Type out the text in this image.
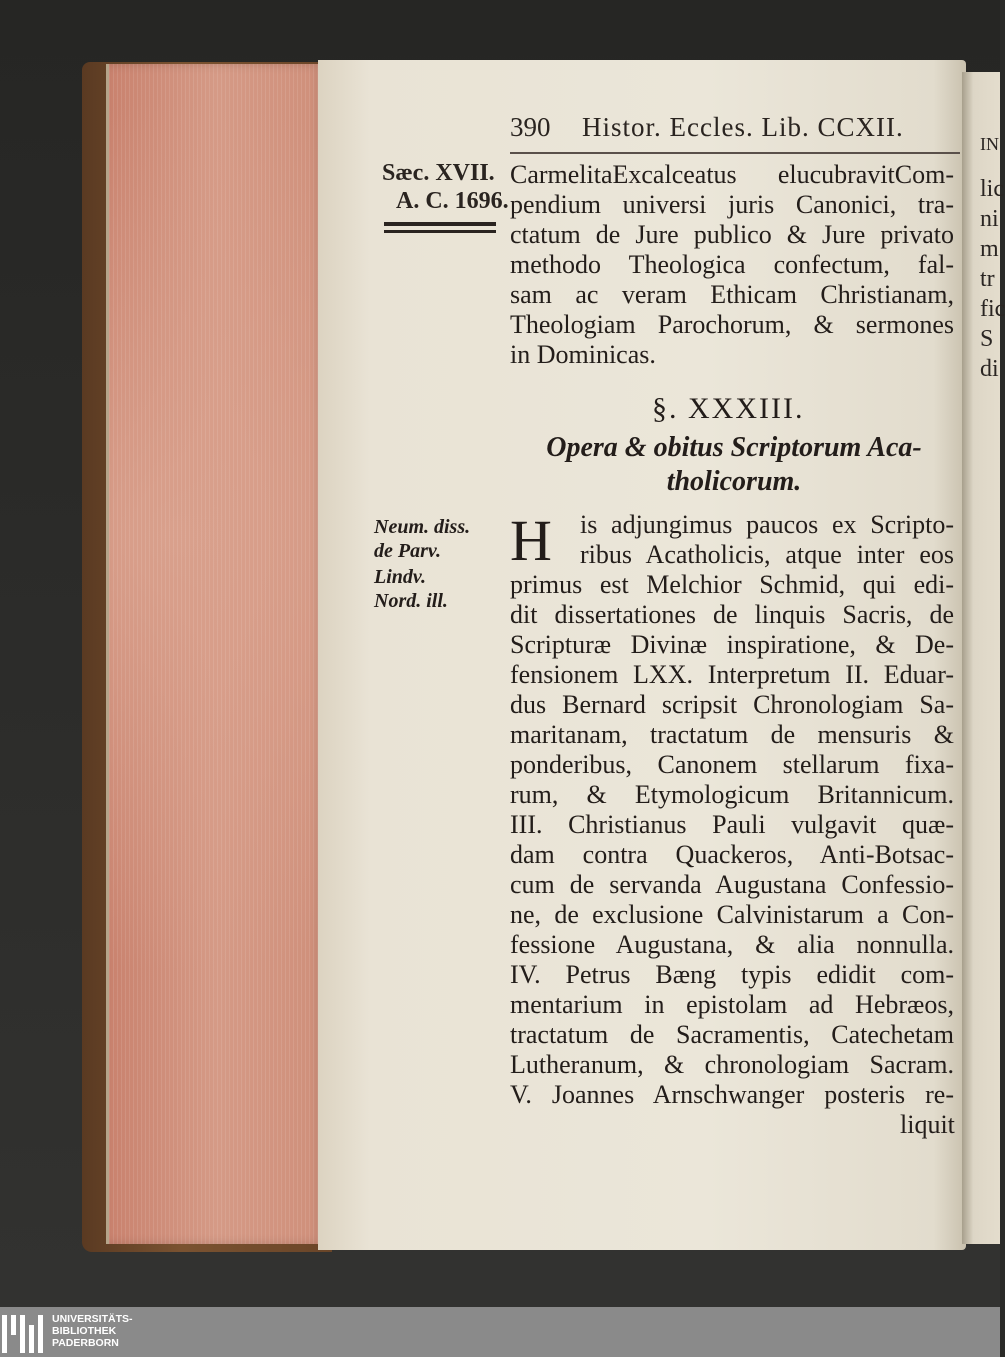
IN
lic
ni
m
tr
fic
S
di
390 Histor. Eccles. Lib. CCXII.
Sæc. XVII.
A. C. 1696.
CarmelitaExcalceatus elucubravitCom-
pendium universi juris Canonici, tra-
ctatum de Jure publico & Jure privato
methodo Theologica confectum, fal-
sam ac veram Ethicam Christianam,
Theologiam Parochorum, & sermones
in Dominicas.
§. XXXIII.
Opera & obitus Scriptorum Aca-
tholicorum.
Neum. diss.
de Parv.
Lindv.
Nord. ill.
H is adjungimus paucos ex Scripto-
ribus Acatholicis, atque inter eos
primus est Melchior Schmid, qui edi-
dit dissertationes de linquis Sacris, de
Scripturæ Divinæ inspiratione, & De-
fensionem LXX. Interpretum II. Eduar-
dus Bernard scripsit Chronologiam Sa-
maritanam, tractatum de mensuris &
ponderibus, Canonem stellarum fixa-
rum, & Etymologicum Britannicum.
III. Christianus Pauli vulgavit quæ-
dam contra Quackeros, Anti-Botsac-
cum de servanda Augustana Confessio-
ne, de exclusione Calvinistarum a Con-
fessione Augustana, & alia nonnulla.
IV. Petrus Bæng typis edidit com-
mentarium in epistolam ad Hebræos,
tractatum de Sacramentis, Catechetam
Lutheranum, & chronologiam Sacram.
V. Joannes Arnschwanger posteris re-
liquit
UNIVERSITÄTS-
BIBLIOTHEK
PADERBORN
